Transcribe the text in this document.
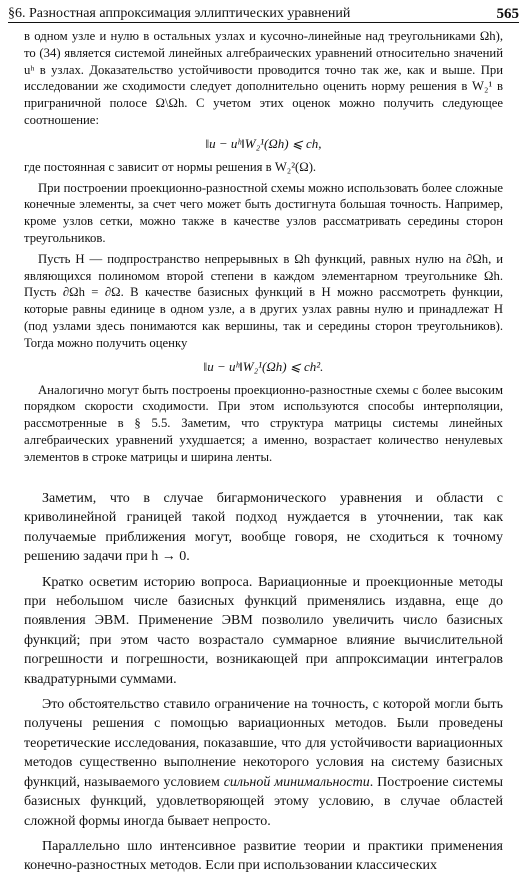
§6. Разностная аппроксимация эллиптических уравнений	565

в одном узле и нулю в остальных узлах и кусочно-линейные над треугольниками Ωh), то (34) является системой линейных алгебраических уравнений относительно значений uʰ в узлах. Доказательство устойчивости проводится точно так же, как и выше. При исследовании же сходимости следует дополнительно оценить норму решения в W₂¹ в приграничной полосе Ω\Ωh. С учетом этих оценок можно получить следующее соотношение:

‖u − uʰ‖W₂¹(Ωh) ⩽ ch,

где постоянная c зависит от нормы решения в W₂²(Ω).

При построении проекционно-разностной схемы можно использовать более сложные конечные элементы, за счет чего может быть достигнута большая точность. Например, кроме узлов сетки, можно также в качестве узлов рассматривать середины сторон треугольников.

Пусть H — подпространство непрерывных в Ωh функций, равных нулю на ∂Ωh, и являющихся полиномом второй степени в каждом элементарном треугольнике Ωh. Пусть ∂Ωh = ∂Ω. В качестве базисных функций в H можно рассмотреть функции, которые равны единице в одном узле, а в других узлах равны нулю и принадлежат H (под узлами здесь понимаются как вершины, так и середины сторон треугольников). Тогда можно получить оценку

‖u − uʰ‖W₂¹(Ωh) ⩽ ch².

Аналогично могут быть построены проекционно-разностные схемы с более высоким порядком скорости сходимости. При этом используются способы интерполяции, рассмотренные в § 5.5. Заметим, что структура матрицы системы линейных алгебраических уравнений ухудшается; а именно, возрастает количество ненулевых элементов в строке матрицы и ширина ленты.

Заметим, что в случае бигармонического уравнения и области с криволинейной границей такой подход нуждается в уточнении, так как получаемые приближения могут, вообще говоря, не сходиться к точному решению задачи при h → 0.

Кратко осветим историю вопроса. Вариационные и проекционные методы при небольшом числе базисных функций применялись издавна, еще до появления ЭВМ. Применение ЭВМ позволило увеличить число базисных функций; при этом часто возрастало суммарное влияние вычислительной погрешности и погрешности, возникающей при аппроксимации интегралов квадратурными суммами.

Это обстоятельство ставило ограничение на точность, с которой могли быть получены решения с помощью вариационных методов. Были проведены теоретические исследования, показавшие, что для устойчивости вариационных методов существенно выполнение некоторого условия на систему базисных функций, называемого условием сильной минимальности. Построение системы базисных функций, удовлетворяющей этому условию, в случае областей сложной формы иногда бывает непросто.

Параллельно шло интенсивное развитие теории и практики применения конечно-разностных методов. Если при использовании классических
